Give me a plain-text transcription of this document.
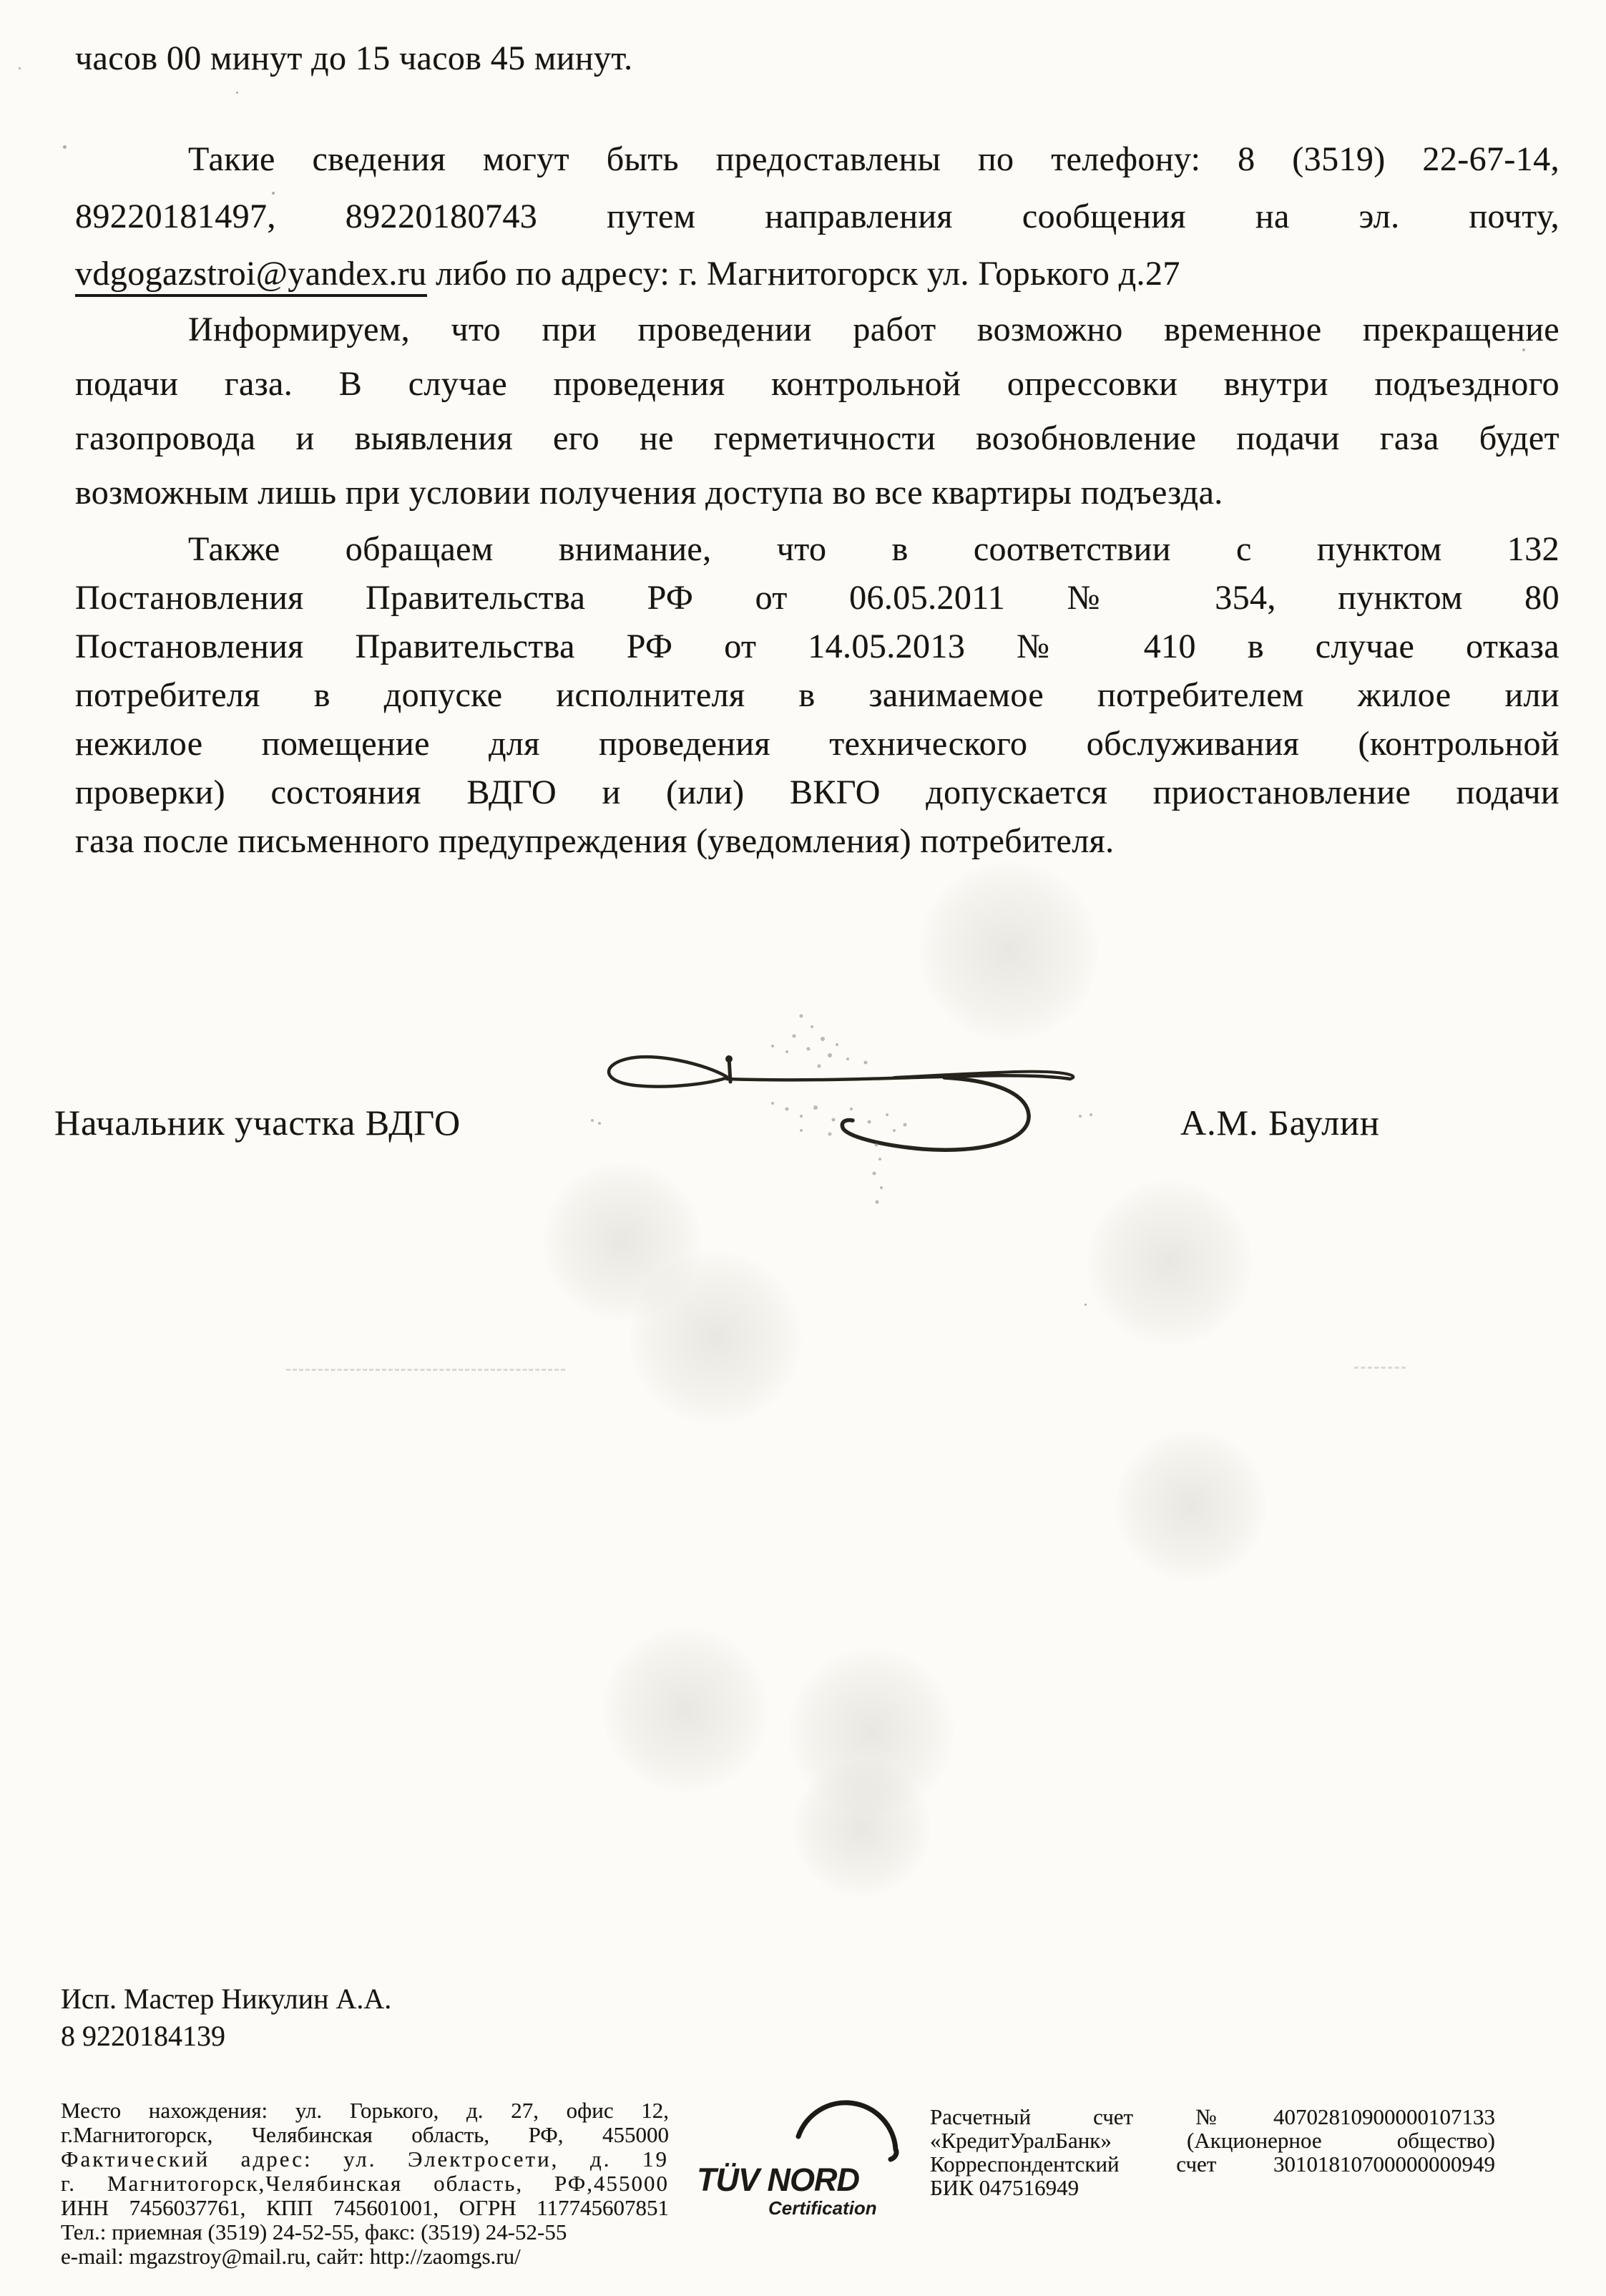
часов 00 минут до 15 часов 45 минут.
Такие сведения могут быть предоставлены по телефону: 8 (3519) 22-67-14,
89220181497, 89220180743 путем направления сообщения на эл. почту,
vdgogazstroi@yandex.ru либо по адресу: г. Магнитогорск ул. Горького д.27
Информируем, что при проведении работ возможно временное прекращение
подачи газа. В случае проведения контрольной опрессовки внутри подъездного
газопровода и выявления его не герметичности возобновление подачи газа будет
возможным лишь при условии получения доступа во все квартиры подъезда.
Также обращаем внимание, что в соответствии с пунктом 132
Постановления Правительства РФ от 06.05.2011 № 354, пунктом 80
Постановления Правительства РФ от 14.05.2013 № 410 в случае отказа
потребителя в допуске исполнителя в занимаемое потребителем жилое или
нежилое помещение для проведения технического обслуживания (контрольной
проверки) состояния ВДГО и (или) ВКГО допускается приостановление подачи
газа после письменного предупреждения (уведомления) потребителя.
Начальник участка ВДГО	А.М. Баулин
Исп. Мастер Никулин А.А.
8 9220184139
Место нахождения: ул. Горького, д. 27, офис 12,
г.Магнитогорск, Челябинская область, РФ, 455000
Фактический адрес: ул. Электросети, д. 19
г. Магнитогорск,Челябинская область, РФ,455000
ИНН 7456037761, КПП 745601001, ОГРН 117745607851
Тел.: приемная (3519) 24-52-55, факс: (3519) 24-52-55
e-mail: mgazstroy@mail.ru, сайт: http://zaomgs.ru/
TÜV NORD
Certification
Расчетный счет №40702810900000107133
«КредитУралБанк» (Акционерное общество)
Корреспондентский счет 30101810700000000949
БИК 047516949
